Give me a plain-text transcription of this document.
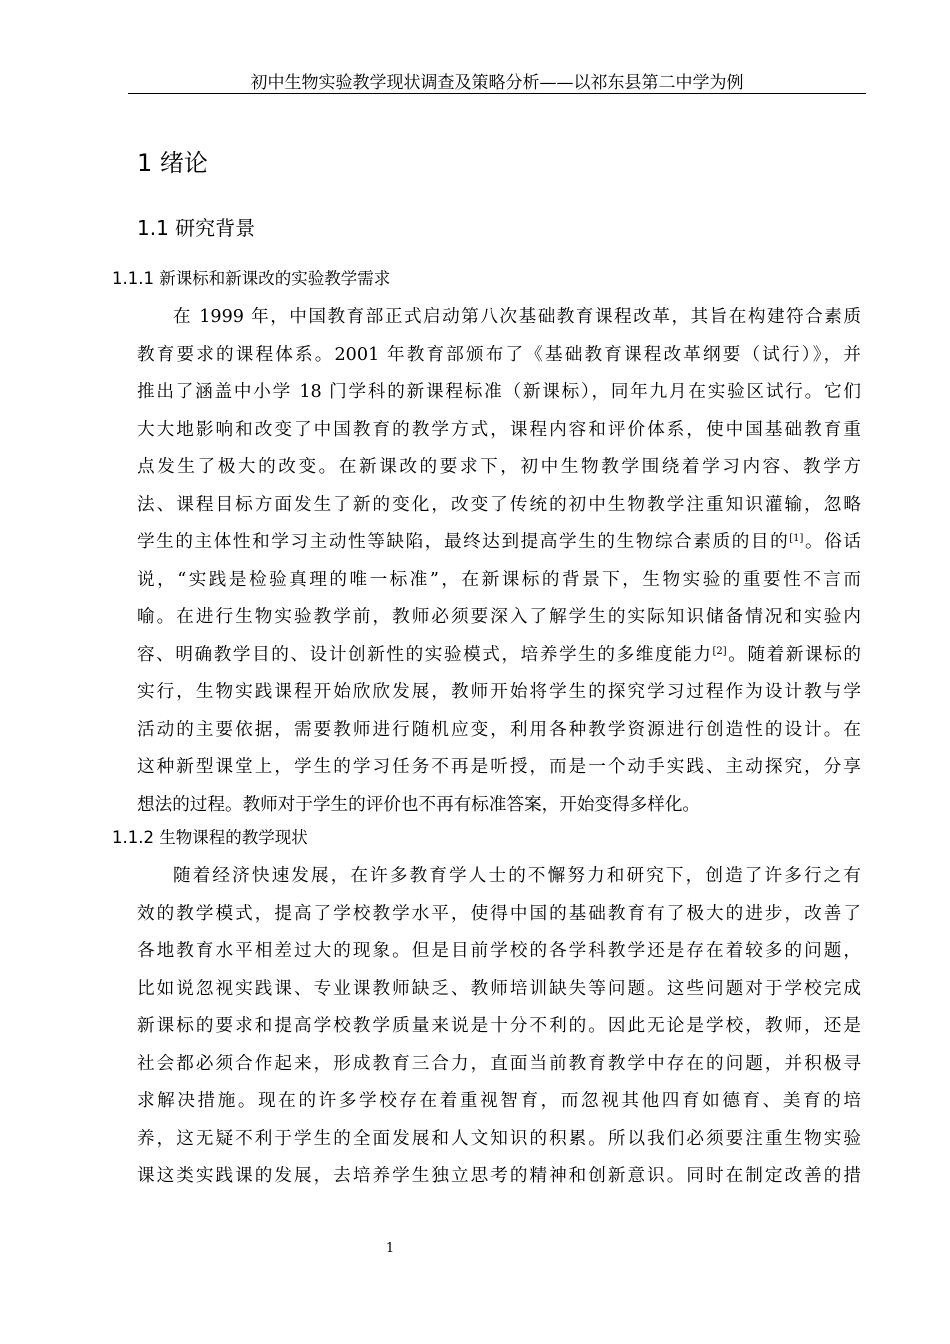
初中生物实验教学现状调查及策略分析——以祁东县第二中学为例
1 绪论
1.1 研究背景
1.1.1 新课标和新课改的实验教学需求
在 1999 年，中国教育部正式启动第八次基础教育课程改革，其旨在构建符合素质
教育要求的课程体系。2001 年教育部颁布了《基础教育课程改革纲要（试行）》，并
推出了涵盖中小学 18 门学科的新课程标准（新课标），同年九月在实验区试行。它们
大大地影响和改变了中国教育的教学方式，课程内容和评价体系，使中国基础教育重
点发生了极大的改变。在新课改的要求下，初中生物教学围绕着学习内容、教学方
法、课程目标方面发生了新的变化，改变了传统的初中生物教学注重知识灌输，忽略
学生的主体性和学习主动性等缺陷，最终达到提高学生的生物综合素质的目的[1]。俗话
说，“实践是检验真理的唯一标准”，在新课标的背景下，生物实验的重要性不言而
喻。在进行生物实验教学前，教师必须要深入了解学生的实际知识储备情况和实验内
容、明确教学目的、设计创新性的实验模式，培养学生的多维度能力[2]。随着新课标的
实行，生物实践课程开始欣欣发展，教师开始将学生的探究学习过程作为设计教与学
活动的主要依据，需要教师进行随机应变，利用各种教学资源进行创造性的设计。在
这种新型课堂上，学生的学习任务不再是听授，而是一个动手实践、主动探究，分享
想法的过程。教师对于学生的评价也不再有标准答案，开始变得多样化。
1.1.2 生物课程的教学现状
随着经济快速发展，在许多教育学人士的不懈努力和研究下，创造了许多行之有
效的教学模式，提高了学校教学水平，使得中国的基础教育有了极大的进步，改善了
各地教育水平相差过大的现象。但是目前学校的各学科教学还是存在着较多的问题，
比如说忽视实践课、专业课教师缺乏、教师培训缺失等问题。这些问题对于学校完成
新课标的要求和提高学校教学质量来说是十分不利的。因此无论是学校，教师，还是
社会都必须合作起来，形成教育三合力，直面当前教育教学中存在的问题，并积极寻
求解决措施。现在的许多学校存在着重视智育，而忽视其他四育如德育、美育的培
养，这无疑不利于学生的全面发展和人文知识的积累。所以我们必须要注重生物实验
课这类实践课的发展，去培养学生独立思考的精神和创新意识。同时在制定改善的措
1
